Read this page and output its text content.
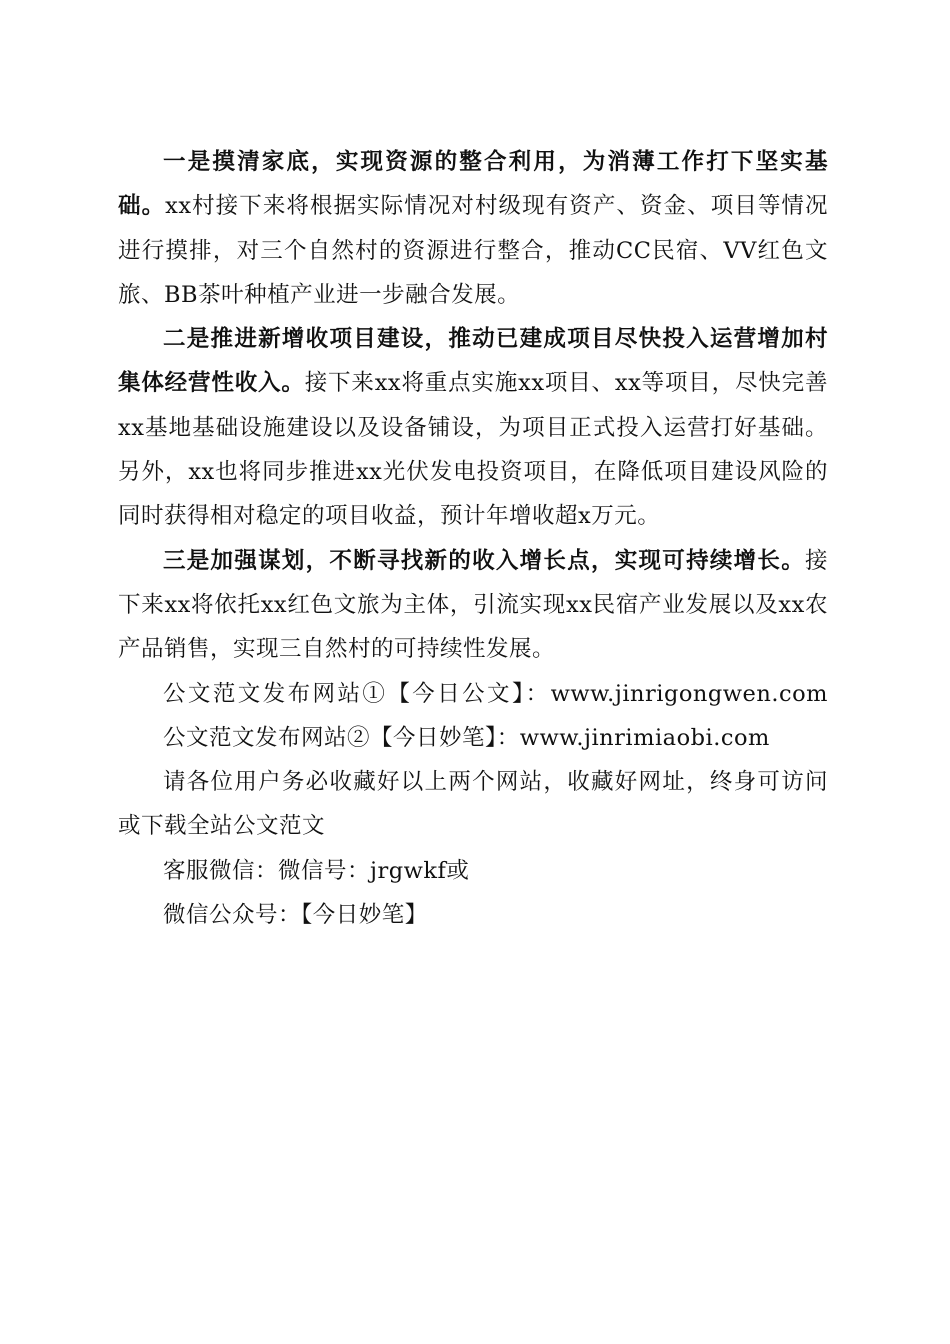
一是摸清家底，实现资源的整合利用，为消薄工作打下坚实基础。xx村接下来将根据实际情况对村级现有资产、资金、项目等情况进行摸排，对三个自然村的资源进行整合，推动CC民宿、VV红色文旅、BB茶叶种植产业进一步融合发展。

二是推进新增收项目建设，推动已建成项目尽快投入运营增加村集体经营性收入。接下来xx将重点实施xx项目、xx等项目，尽快完善xx基地基础设施建设以及设备铺设，为项目正式投入运营打好基础。另外，xx也将同步推进xx光伏发电投资项目，在降低项目建设风险的同时获得相对稳定的项目收益，预计年增收超x万元。

三是加强谋划，不断寻找新的收入增长点，实现可持续增长。接下来xx将依托xx红色文旅为主体，引流实现xx民宿产业发展以及xx农产品销售，实现三自然村的可持续性发展。

公文范文发布网站①【今日公文】：www.jinrigongwen.com

公文范文发布网站②【今日妙笔】：www.jinrimiaobi.com

请各位用户务必收藏好以上两个网站，收藏好网址，终身可访问或下载全站公文范文

客服微信：微信号：jrgwkf或

微信公众号：【今日妙笔】
